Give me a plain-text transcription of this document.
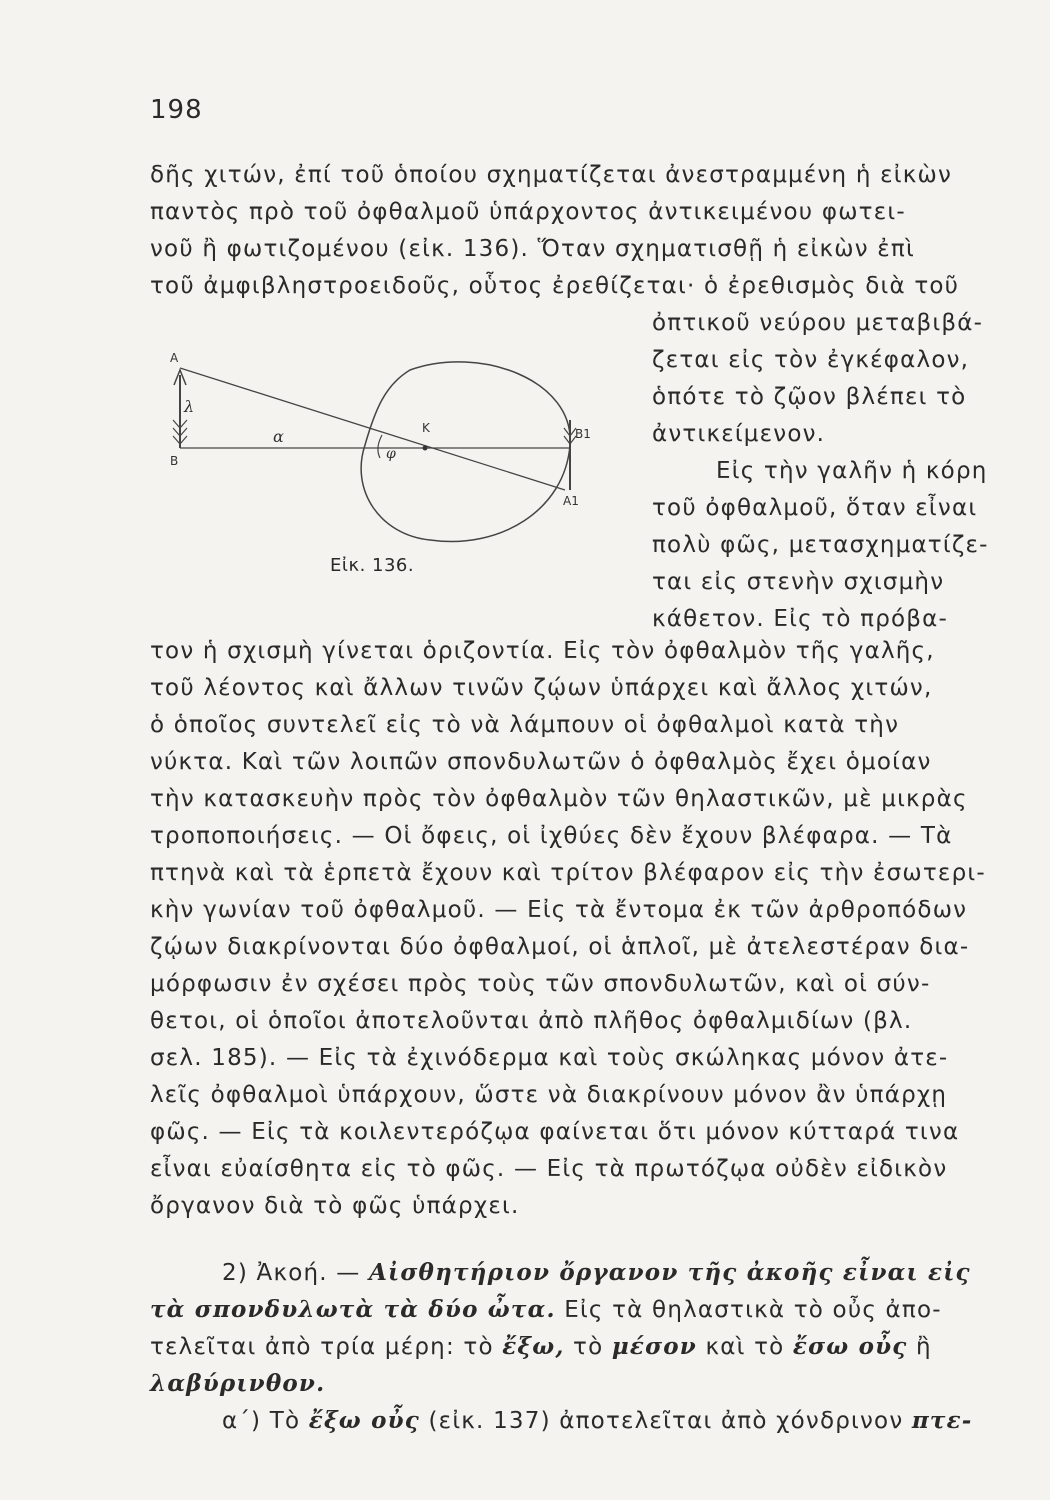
198
δῆς χιτών, ἐπί τοῦ ὁποίου σχηματίζεται ἀνεστραμμένη ἡ εἰκὼν
παντὸς πρὸ τοῦ ὀφθαλμοῦ ὑπάρχοντος ἀντικειμένου φωτει-
νοῦ ἢ φωτιζομένου (εἰκ. 136). Ὅταν σχηματισθῇ ἡ εἰκὼν ἐπὶ
τοῦ ἀμφιβληστροειδοῦς, οὗτος ἐρεθίζεται· ὁ ἐρεθισμὸς διὰ τοῦ
ὀπτικοῦ νεύρου μεταβιβά-
ζεται εἰς τὸν ἐγκέφαλον,
ὁπότε τὸ ζῷον βλέπει τὸ
ἀντικείμενον.
Εἰς τὴν γαλῆν ἡ κόρη
τοῦ ὀφθαλμοῦ, ὅταν εἶναι
πολὺ φῶς, μετασχηματίζε-
ται εἰς στενὴν σχισμὴν
κάθετον. Εἰς τὸ πρόβα-
A
λ
B
α	K
φ
B1
A1
Εἰκ. 136.
τον ἡ σχισμὴ γίνεται ὁριζοντία. Εἰς τὸν ὀφθαλμὸν τῆς γαλῆς,
τοῦ λέοντος καὶ ἄλλων τινῶν ζῴων ὑπάρχει καὶ ἄλλος χιτών,
ὁ ὁποῖος συντελεῖ εἰς τὸ νὰ λάμπουν οἱ ὀφθαλμοὶ κατὰ τὴν
νύκτα. Καὶ τῶν λοιπῶν σπονδυλωτῶν ὁ ὀφθαλμὸς ἔχει ὁμοίαν
τὴν κατασκευὴν πρὸς τὸν ὀφθαλμὸν τῶν θηλαστικῶν, μὲ μικρὰς
τροποποιήσεις. — Οἱ ὄφεις, οἱ ἰχθύες δὲν ἔχουν βλέφαρα. — Τὰ
πτηνὰ καὶ τὰ ἑρπετὰ ἔχουν καὶ τρίτον βλέφαρον εἰς τὴν ἐσωτερι-
κὴν γωνίαν τοῦ ὀφθαλμοῦ. — Εἰς τὰ ἔντομα ἐκ τῶν ἀρθροπόδων
ζῴων διακρίνονται δύο ὀφθαλμοί, οἱ ἁπλοῖ, μὲ ἀτελεστέραν δια-
μόρφωσιν ἐν σχέσει πρὸς τοὺς τῶν σπονδυλωτῶν, καὶ οἱ σύν-
θετοι, οἱ ὁποῖοι ἀποτελοῦνται ἀπὸ πλῆθος ὀφθαλμιδίων (βλ.
σελ. 185). — Εἰς τὰ ἐχινόδερμα καὶ τοὺς σκώληκας μόνον ἀτε-
λεῖς ὀφθαλμοὶ ὑπάρχουν, ὥστε νὰ διακρίνουν μόνον ἂν ὑπάρχῃ
φῶς. — Εἰς τὰ κοιλεντερόζῳα φαίνεται ὅτι μόνον κύτταρά τινα
εἶναι εὐαίσθητα εἰς τὸ φῶς. — Εἰς τὰ πρωτόζῳα οὐδὲν εἰδικὸν
ὄργανον διὰ τὸ φῶς ὑπάρχει.
2) Ἀκοή. — Αἰσθητήριον ὄργανον τῆς ἀκοῆς εἶναι εἰς
τὰ σπονδυλωτὰ τὰ δύο ὦτα. Εἰς τὰ θηλαστικὰ τὸ οὖς ἀπο-
τελεῖται ἀπὸ τρία μέρη: τὸ ἔξω, τὸ μέσον καὶ τὸ ἔσω οὖς ἢ
λαβύρινθον.
α΄) Τὸ ἔξω οὖς (εἰκ. 137) ἀποτελεῖται ἀπὸ χόνδρινον πτε-
